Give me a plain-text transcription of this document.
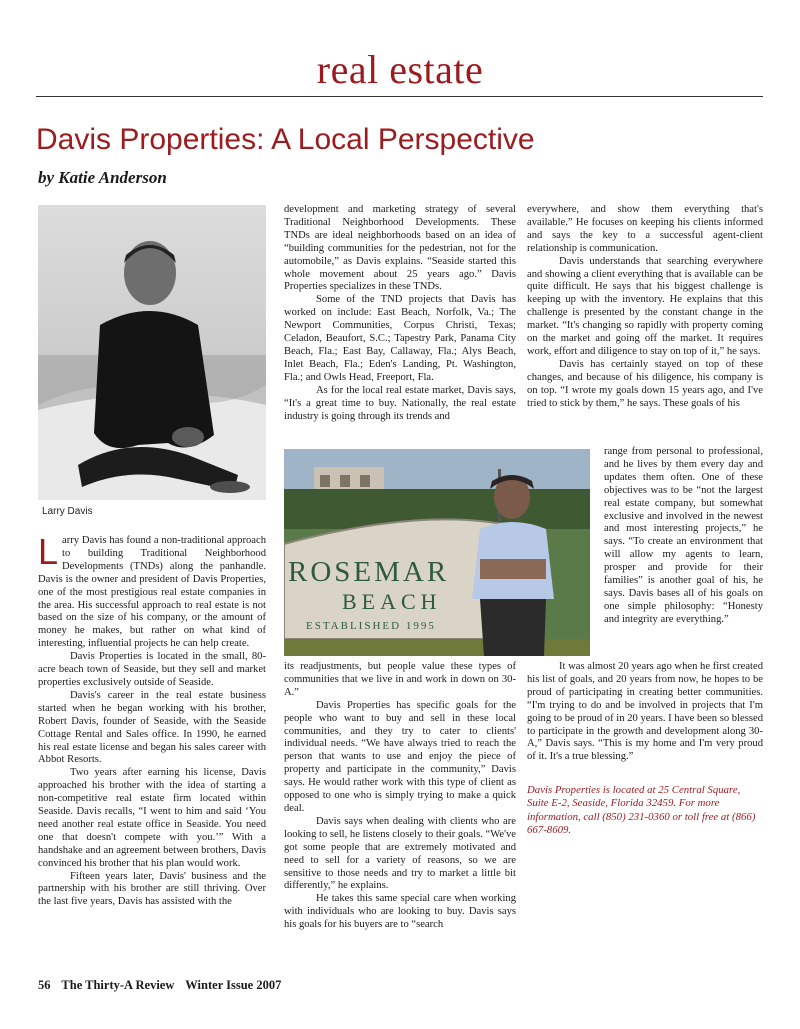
real estate
Davis Properties: A Local Perspective
by Katie Anderson
Larry Davis
ROSEMAR
BEACH
ESTABLISHED 1995

Larry Davis has found a non-traditional approach to building Traditional Neighborhood Developments (TNDs) along the panhandle. Davis is the owner and president of Davis Properties, one of the most prestigious real estate companies in the area. His successful approach to real estate is not based on the size of his company, or the amount of money he makes, but rather on what kind of interesting, influential projects he can help create.

Davis Properties is located in the small, 80-acre beach town of Seaside, but they sell and market properties exclusively outside of Seaside.

Davis's career in the real estate business started when he began working with his brother, Robert Davis, founder of Seaside, with the Seaside Cottage Rental and Sales office. In 1990, he earned his real estate license and began his sales career with Abbot Resorts.

Two years after earning his license, Davis approached his brother with the idea of starting a non-competitive real estate firm located within Seaside. Davis recalls, “I went to him and said ‘You need another real estate office in Seaside. You need one that doesn't compete with you.’” With a handshake and an agreement between brothers, Davis convinced his brother that his plan would work.

Fifteen years later, Davis' business and the partnership with his brother are still thriving. Over the last five years, Davis has assisted with the

development and marketing strategy of several Traditional Neighborhood Developments. These TNDs are ideal neighborhoods based on an idea of “building communities for the pedestrian, not for the automobile,” as Davis explains. “Seaside started this whole movement about 25 years ago.” Davis Properties specializes in these TNDs.

Some of the TND projects that Davis has worked on include: East Beach, Norfolk, Va.; The Newport Communities, Corpus Christi, Texas; Celadon, Beaufort, S.C.; Tapestry Park, Panama City Beach, Fla.; East Bay, Callaway, Fla.; Alys Beach, Inlet Beach, Fla.; Eden's Landing, Pt. Washington, Fla.; and Owls Head, Freeport, Fla.

As for the local real estate market, Davis says, “It's a great time to buy. Nationally, the real estate industry is going through its trends and

its readjustments, but people value these types of communities that we live in and work in down on 30-A.”

Davis Properties has specific goals for the people who want to buy and sell in these local communities, and they try to cater to clients' individual needs. “We have always tried to reach the person that wants to use and enjoy the piece of property and participate in the community,” Davis says. He would rather work with this type of client as opposed to one who is simply trying to make a quick deal.

Davis says when dealing with clients who are looking to sell, he listens closely to their goals. “We've got some people that are extremely motivated and need to sell for a variety of reasons, so we are sensitive to those needs and try to market a little bit differently,” he explains.

He takes this same special care when working with individuals who are looking to buy. Davis says his goals for his buyers are to “search

everywhere, and show them everything that's available.” He focuses on keeping his clients informed and says the key to a successful agent-client relationship is communication.

Davis understands that searching everywhere and showing a client everything that is available can be quite difficult. He says that his biggest challenge is keeping up with the inventory. He explains that this challenge is presented by the constant change in the market. “It's changing so rapidly with property coming on the market and going off the market. It requires work, effort and diligence to stay on top of it,” he says.

Davis has certainly stayed on top of these changes, and because of his diligence, his company is on top. “I wrote my goals down 15 years ago, and I've tried to stick by them,” he says. These goals of his

range from personal to professional, and he lives by them every day and updates them often. One of these objectives was to be “not the largest real estate company, but somewhat exclusive and involved in the newest and most interesting projects,” he says. “To create an environment that will allow my agents to learn, prosper and provide for their families” is another goal of his, he says. Davis bases all of his goals on one simple philosophy: “Honesty and integrity are everything.”

It was almost 20 years ago when he first created his list of goals, and 20 years from now, he hopes to be proud of participating in creating better communities. “I'm trying to do and be involved in projects that I'm going to be proud of in 20 years. I have been so blessed to participate in the growth and development along 30-A,” Davis says. “This is my home and I'm very proud of it. It's a true blessing.”

Davis Properties is located at 25 Central Square, Suite E-2, Seaside, Florida 32459. For more information, call (850) 231-0360 or toll free at (866) 667-8609.
56 The Thirty-A Review Winter Issue 2007
